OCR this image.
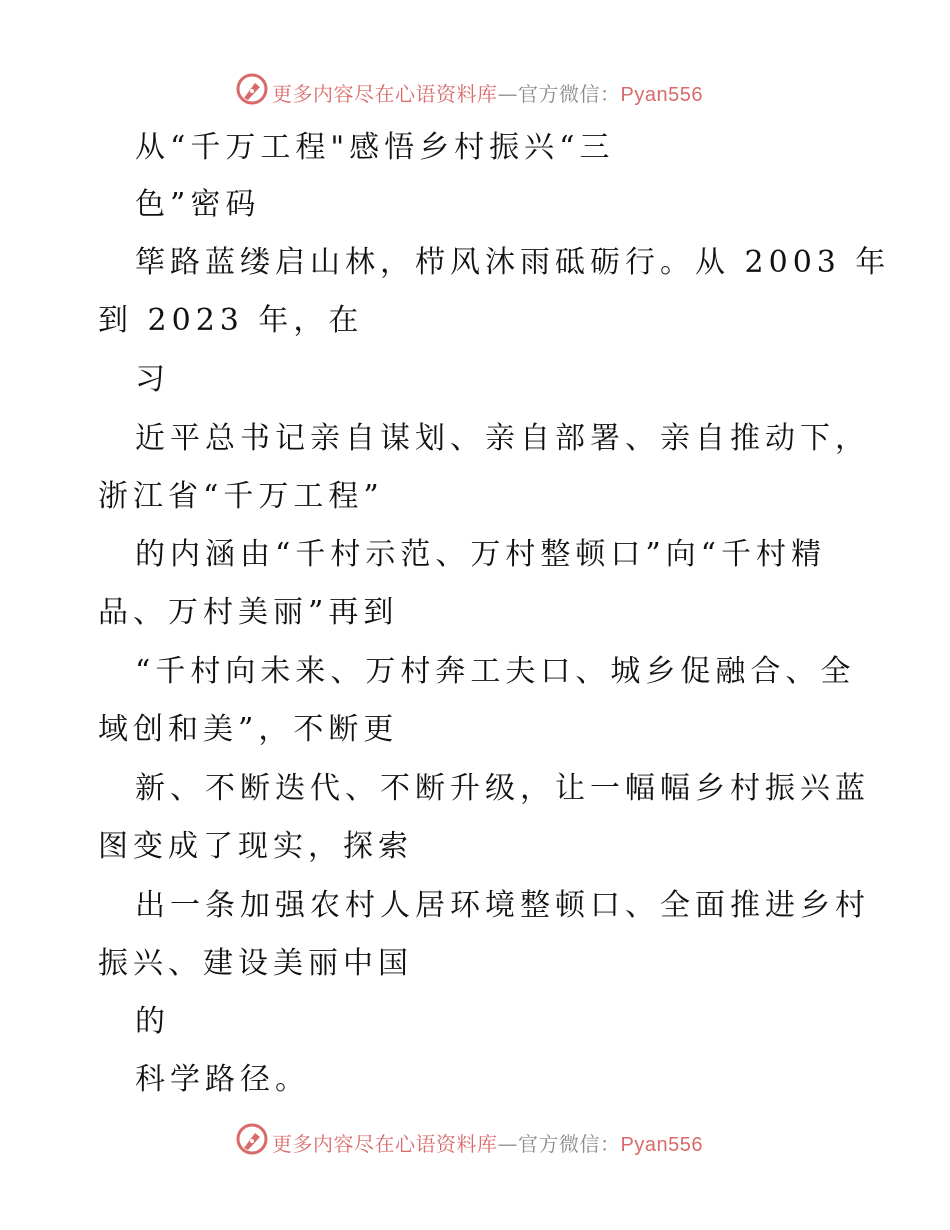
更多内容尽在心语资料库—官方微信：Pyan556
从“千万工程"感悟乡村振兴“三
色”密码
筚路蓝缕启山林，栉风沐雨砥砺行。从 2003 年
到 2023 年，在
习
近平总书记亲自谋划、亲自部署、亲自推动下，
浙江省“千万工程”
的内涵由“千村示范、万村整顿口”向“千村精
品、万村美丽”再到
“千村向未来、万村奔工夫口、城乡促融合、全
域创和美”，不断更
新、不断迭代、不断升级，让一幅幅乡村振兴蓝
图变成了现实，探索
出一条加强农村人居环境整顿口、全面推进乡村
振兴、建设美丽中国
的
科学路径。
更多内容尽在心语资料库—官方微信：Pyan556
